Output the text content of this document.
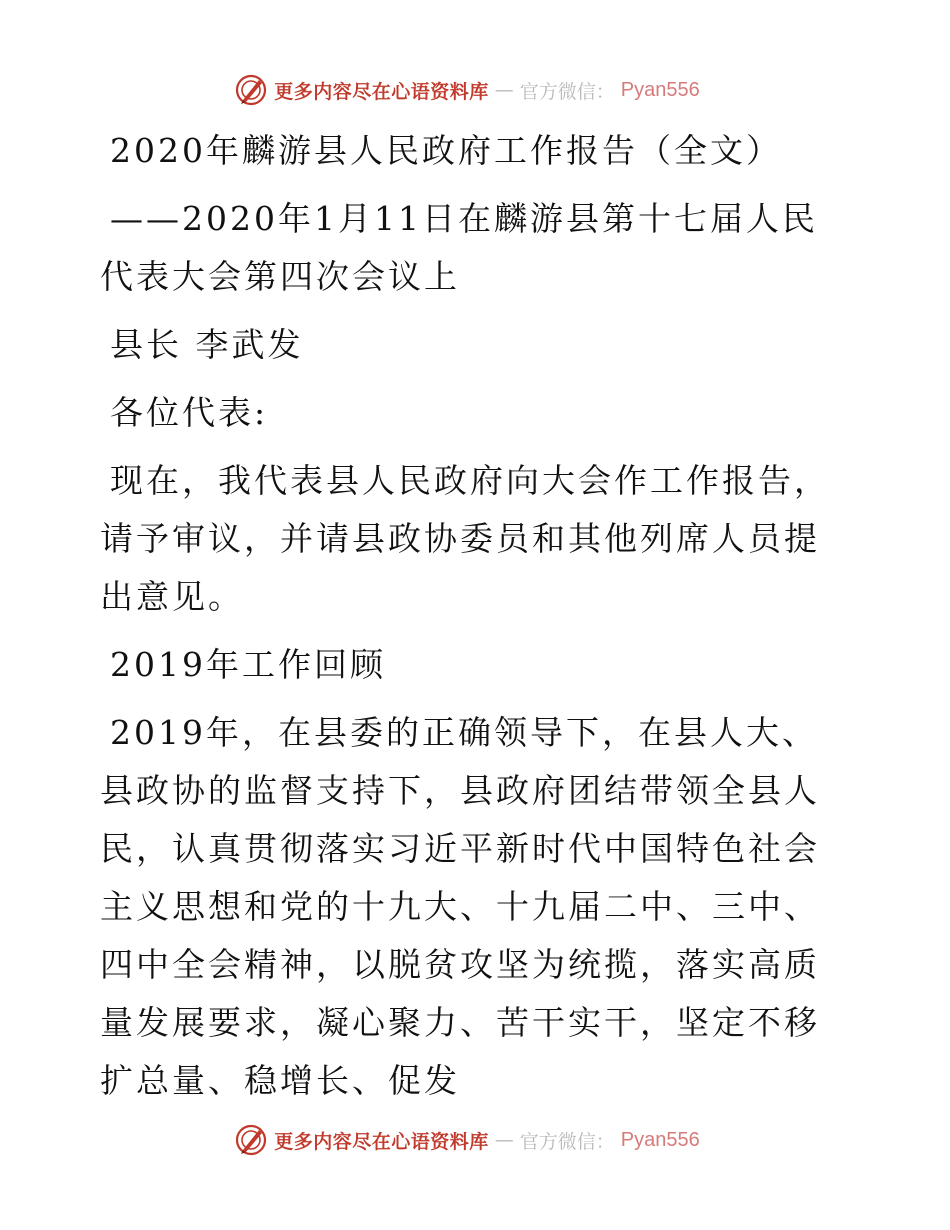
更多内容尽在心语资料库 — 官方微信： Pyan556

2020年麟游县人民政府工作报告（全文）

——2020年1月11日在麟游县第十七届人民代表大会第四次会议上

县长 李武发

各位代表:

现在，我代表县人民政府向大会作工作报告，请予审议，并请县政协委员和其他列席人员提出意见。

2019年工作回顾

2019年，在县委的正确领导下，在县人大、县政协的监督支持下，县政府团结带领全县人民，认真贯彻落实习近平新时代中国特色社会主义思想和党的十九大、十九届二中、三中、四中全会精神，以脱贫攻坚为统揽，落实高质量发展要求，凝心聚力、苦干实干，坚定不移扩总量、稳增长、促发

更多内容尽在心语资料库 — 官方微信： Pyan556
